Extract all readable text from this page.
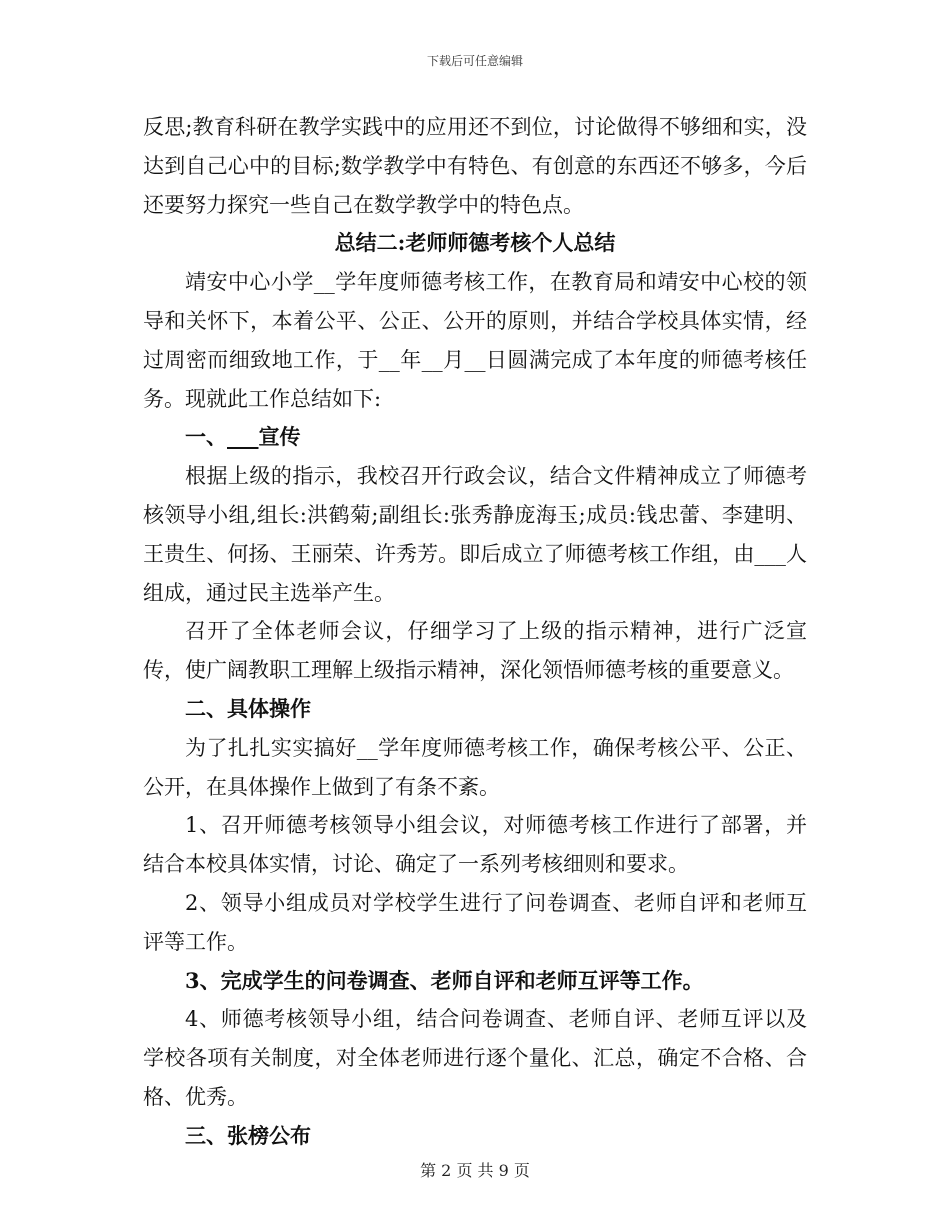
下载后可任意编辑

反思;教育科研在教学实践中的应用还不到位，讨论做得不够细和实，没达到自己心中的目标;数学教学中有特色、有创意的东西还不够多，今后还要努力探究一些自己在数学教学中的特色点。

总结二:老师师德考核个人总结

靖安中心小学__学年度师德考核工作，在教育局和靖安中心校的领导和关怀下，本着公平、公正、公开的原则，并结合学校具体实情，经过周密而细致地工作，于__年__月__日圆满完成了本年度的师德考核任务。现就此工作总结如下:

一、___宣传

根据上级的指示，我校召开行政会议，结合文件精神成立了师德考核领导小组,组长:洪鹤菊;副组长:张秀静庞海玉;成员:钱忠蕾、李建明、王贵生、何扬、王丽荣、许秀芳。即后成立了师德考核工作组，由___人组成，通过民主选举产生。

召开了全体老师会议，仔细学习了上级的指示精神，进行广泛宣传，使广阔教职工理解上级指示精神，深化领悟师德考核的重要意义。

二、具体操作

为了扎扎实实搞好__学年度师德考核工作，确保考核公平、公正、公开，在具体操作上做到了有条不紊。

1、召开师德考核领导小组会议，对师德考核工作进行了部署，并结合本校具体实情，讨论、确定了一系列考核细则和要求。

2、领导小组成员对学校学生进行了问卷调查、老师自评和老师互评等工作。

3、完成学生的问卷调查、老师自评和老师互评等工作。

4、师德考核领导小组，结合问卷调查、老师自评、老师互评以及学校各项有关制度，对全体老师进行逐个量化、汇总，确定不合格、合格、优秀。

三、张榜公布

第 2 页 共 9 页
